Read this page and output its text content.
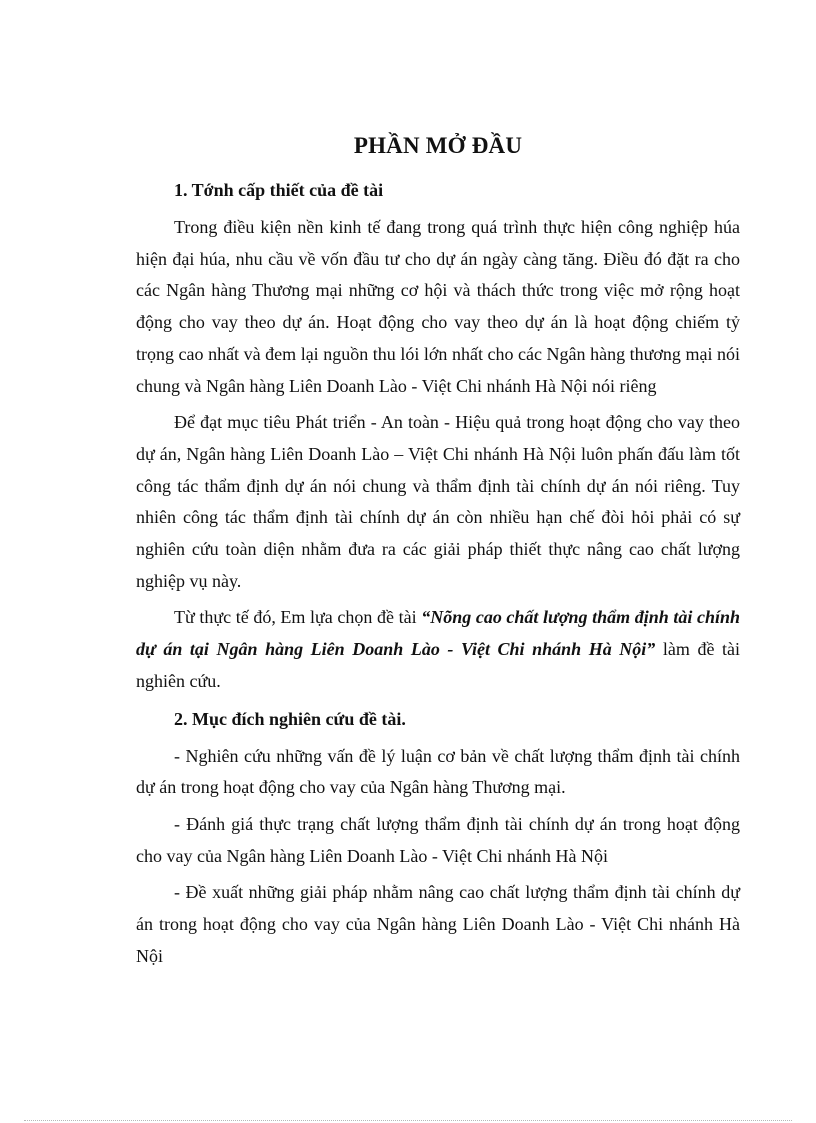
PHẦN MỞ ĐẦU

1. Tớnh cấp thiết của đề tài

Trong điều kiện nền kinh tế đang trong quá trình thực hiện công nghiệp húa hiện đại húa, nhu cầu về vốn đầu tư cho dự án ngày càng tăng. Điều đó đặt ra cho các Ngân hàng Thương mại những cơ hội và thách thức trong việc mở rộng hoạt động cho vay theo dự án. Hoạt động cho vay theo dự án là hoạt động chiếm tỷ trọng cao nhất và đem lại nguồn thu lói lớn nhất cho các Ngân hàng thương mại nói chung và Ngân hàng Liên Doanh Lào - Việt Chi nhánh Hà Nội nói riêng

Để đạt mục tiêu Phát triển - An toàn - Hiệu quả trong hoạt động cho vay theo dự án, Ngân hàng Liên Doanh Lào – Việt Chi nhánh Hà Nội luôn phấn đấu làm tốt công tác thẩm định dự án nói chung và thẩm định tài chính dự án nói riêng. Tuy nhiên công tác thẩm định tài chính dự án còn nhiều hạn chế đòi hỏi phải có sự nghiên cứu toàn diện nhằm đưa ra các giải pháp thiết thực nâng cao chất lượng nghiệp vụ này.

Từ thực tế đó, Em lựa chọn đề tài “Nõng cao chất lượng thẩm định tài chính dự án tại Ngân hàng Liên Doanh Lào - Việt Chi nhánh Hà Nội” làm đề tài nghiên cứu.

2. Mục đích nghiên cứu đề tài.

- Nghiên cứu những vấn đề lý luận cơ bản về chất lượng thẩm định tài chính dự án trong hoạt động cho vay của Ngân hàng Thương mại.

- Đánh giá thực trạng chất lượng thẩm định tài chính dự án trong hoạt động cho vay của Ngân hàng Liên Doanh Lào - Việt Chi nhánh Hà Nội

- Đề xuất những giải pháp nhằm nâng cao chất lượng thẩm định tài chính dự án trong hoạt động cho vay của Ngân hàng Liên Doanh Lào - Việt Chi nhánh Hà Nội
